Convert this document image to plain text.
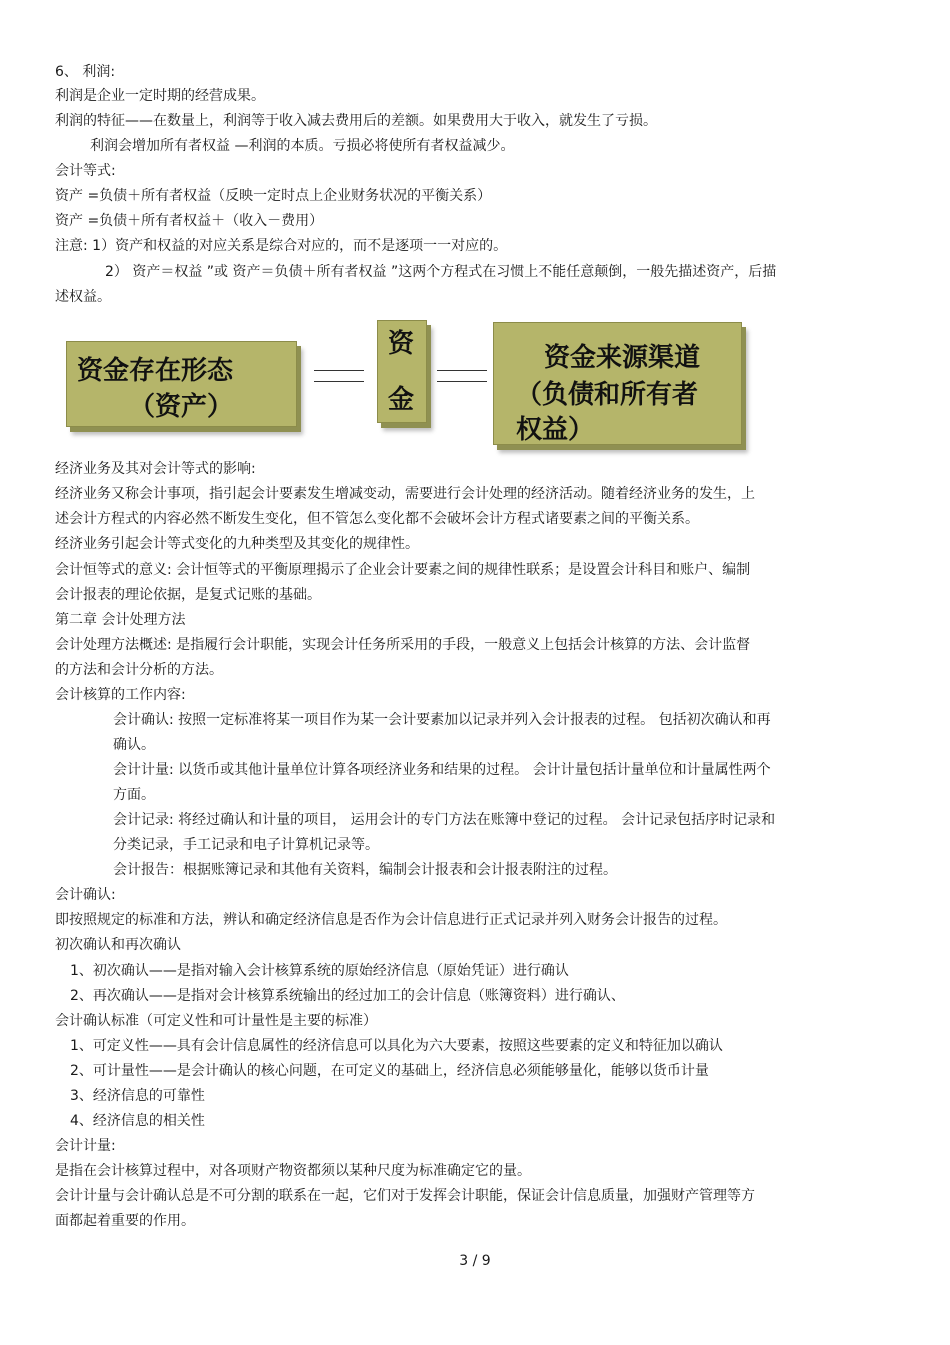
6、 利润:
利润是企业一定时期的经营成果。
利润的特征——在数量上，利润等于收入减去费用后的差额。如果费用大于收入，就发生了亏损。
利润会增加所有者权益 —利润的本质。亏损必将使所有者权益减少。
会计等式:
资产 =负债＋所有者权益（反映一定时点上企业财务状况的平衡关系）
资产 =负债＋所有者权益＋（收入－费用）
注意: 1）资产和权益的对应关系是综合对应的，而不是逐项一一对应的。
2） 资产＝权益 ”或 资产＝负债＋所有者权益 ”这两个方程式在习惯上不能任意颠倒，一般先描述资产，后描
述权益。
经济业务及其对会计等式的影响:
经济业务又称会计事项，指引起会计要素发生增减变动，需要进行会计处理的经济活动。随着经济业务的发生，上
述会计方程式的内容必然不断发生变化，但不管怎么变化都不会破坏会计方程式诸要素之间的平衡关系。
经济业务引起会计等式变化的九种类型及其变化的规律性。
会计恒等式的意义: 会计恒等式的平衡原理揭示了企业会计要素之间的规律性联系；是设置会计科目和账户、编制
会计报表的理论依据，是复式记账的基础。
第二章 会计处理方法
会计处理方法概述: 是指履行会计职能，实现会计任务所采用的手段，一般意义上包括会计核算的方法、会计监督
的方法和会计分析的方法。
会计核算的工作内容:
会计确认: 按照一定标准将某一项目作为某一会计要素加以记录并列入会计报表的过程。 包括初次确认和再
确认。
会计计量: 以货币或其他计量单位计算各项经济业务和结果的过程。 会计计量包括计量单位和计量属性两个
方面。
会计记录: 将经过确认和计量的项目， 运用会计的专门方法在账簿中登记的过程。 会计记录包括序时记录和
分类记录，手工记录和电子计算机记录等。
会计报告：根据账簿记录和其他有关资料，编制会计报表和会计报表附注的过程。
会计确认:
即按照规定的标准和方法，辨认和确定经济信息是否作为会计信息进行正式记录并列入财务会计报告的过程。
初次确认和再次确认
1、初次确认——是指对输入会计核算系统的原始经济信息（原始凭证）进行确认
2、再次确认——是指对会计核算系统输出的经过加工的会计信息（账簿资料）进行确认、
会计确认标准（可定义性和可计量性是主要的标准）
1、可定义性——具有会计信息属性的经济信息可以具化为六大要素，按照这些要素的定义和特征加以确认
2、可计量性——是会计确认的核心问题，在可定义的基础上，经济信息必须能够量化，能够以货币计量
3、经济信息的可靠性
4、经济信息的相关性
会计计量:
是指在会计核算过程中，对各项财产物资都须以某种尺度为标准确定它的量。
会计计量与会计确认总是不可分割的联系在一起，它们对于发挥会计职能，保证会计信息质量，加强财产管理等方
面都起着重要的作用。
资金存在形态
（资产）
资
金
资金来源渠道
（负债和所有者
权益）
3 / 9
